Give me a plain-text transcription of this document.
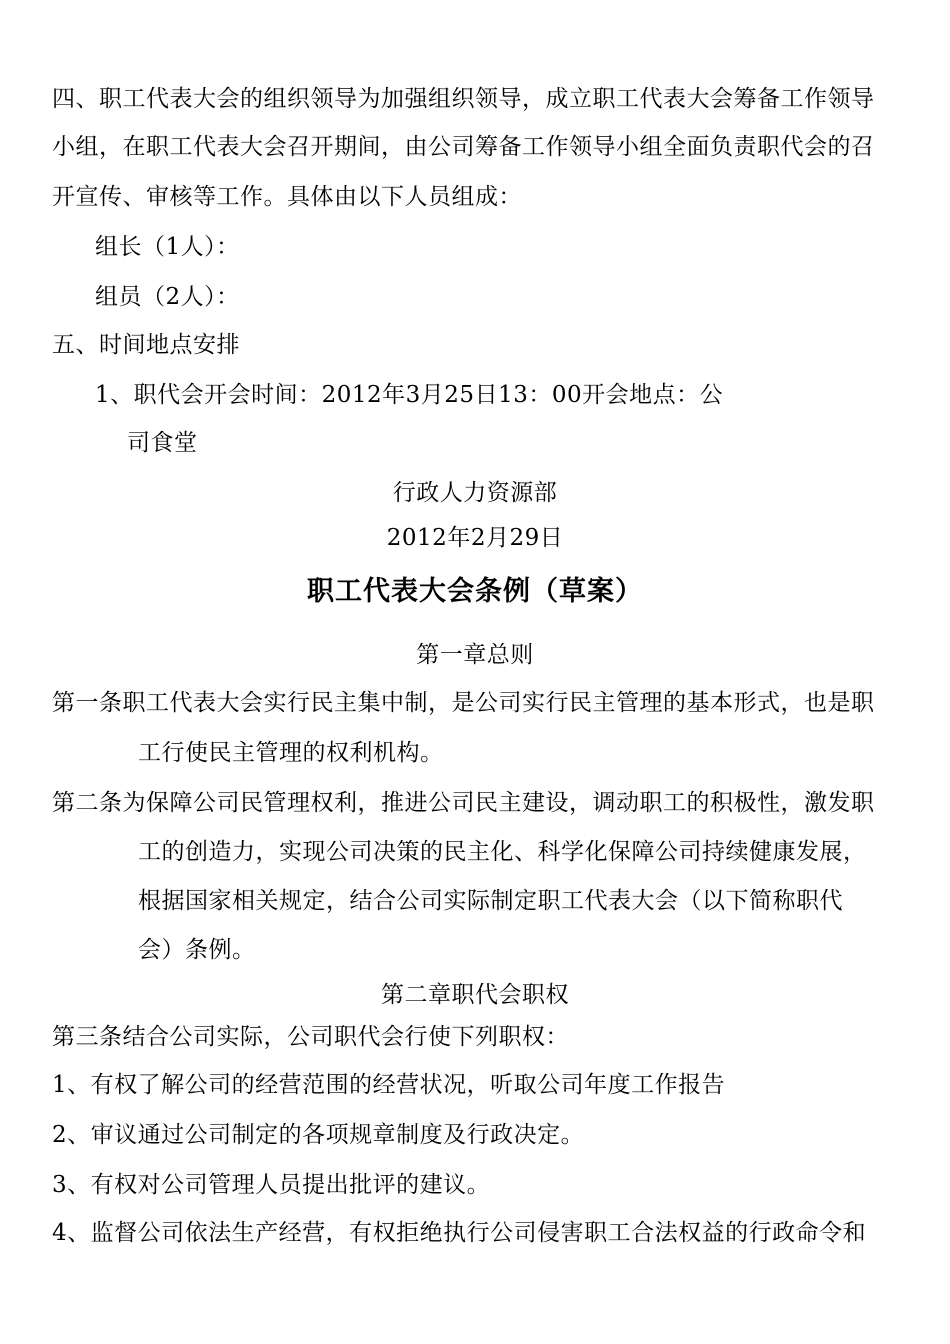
四、职工代表大会的组织领导为加强组织领导，成立职工代表大会筹备工作领导
小组，在职工代表大会召开期间，由公司筹备工作领导小组全面负责职代会的召
开宣传、审核等工作。具体由以下人员组成：
组长（1人）：
组员（2人）：
五、时间地点安排
1、职代会开会时间：2012年3月25日13：00开会地点：公
司食堂
行政人力资源部
2012年2月29日
职工代表大会条例（草案）
第一章总则
第一条职工代表大会实行民主集中制，是公司实行民主管理的基本形式，也是职
工行使民主管理的权利机构。
第二条为保障公司民管理权利，推进公司民主建设，调动职工的积极性，激发职
工的创造力，实现公司决策的民主化、科学化保障公司持续健康发展，
根据国家相关规定，结合公司实际制定职工代表大会（以下简称职代
会）条例。
第二章职代会职权
第三条结合公司实际，公司职代会行使下列职权：
1、有权了解公司的经营范围的经营状况，听取公司年度工作报告
2、审议通过公司制定的各项规章制度及行政决定。
3、有权对公司管理人员提出批评的建议。
4、监督公司依法生产经营，有权拒绝执行公司侵害职工合法权益的行政命令和
